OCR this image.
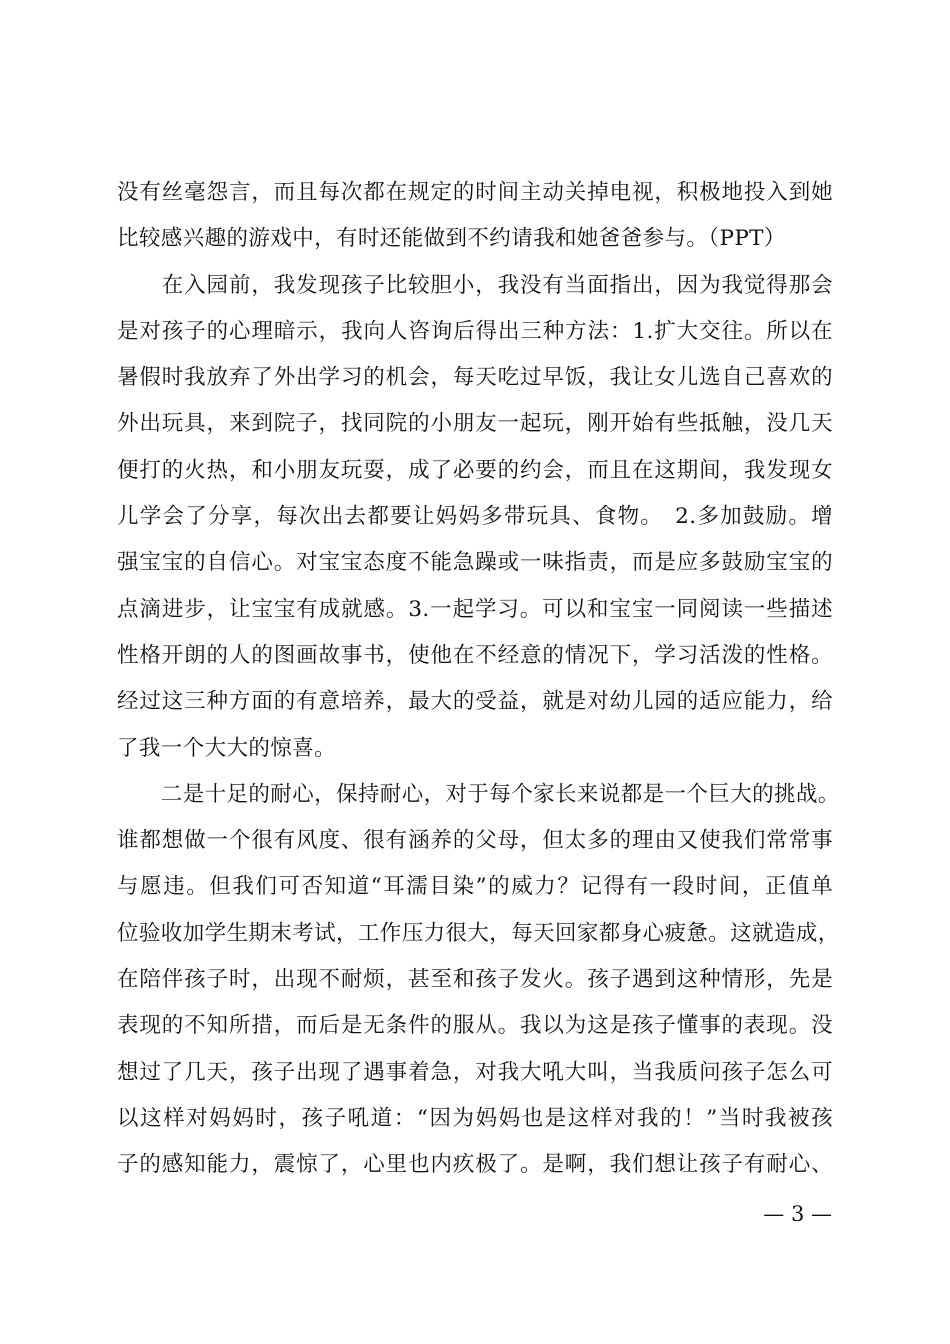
没有丝毫怨言，而且每次都在规定的时间主动关掉电视，积极地投入到她
比较感兴趣的游戏中，有时还能做到不约请我和她爸爸参与。（PPT）
　　在入园前，我发现孩子比较胆小，我没有当面指出，因为我觉得那会
是对孩子的心理暗示，我向人咨询后得出三种方法：1.扩大交往。所以在
暑假时我放弃了外出学习的机会，每天吃过早饭，我让女儿选自己喜欢的
外出玩具，来到院子，找同院的小朋友一起玩，刚开始有些抵触，没几天
便打的火热，和小朋友玩耍，成了必要的约会，而且在这期间，我发现女
儿学会了分享，每次出去都要让妈妈多带玩具、食物。　2.多加鼓励。增
强宝宝的自信心。对宝宝态度不能急躁或一味指责，而是应多鼓励宝宝的
点滴进步，让宝宝有成就感。3.一起学习。可以和宝宝一同阅读一些描述
性格开朗的人的图画故事书，使他在不经意的情况下，学习活泼的性格。
经过这三种方面的有意培养，最大的受益，就是对幼儿园的适应能力，给
了我一个大大的惊喜。
　　二是十足的耐心，保持耐心，对于每个家长来说都是一个巨大的挑战。
谁都想做一个很有风度、很有涵养的父母，但太多的理由又使我们常常事
与愿违。但我们可否知道“耳濡目染”的威力？记得有一段时间，正值单
位验收加学生期末考试，工作压力很大，每天回家都身心疲惫。这就造成，
在陪伴孩子时，出现不耐烦，甚至和孩子发火。孩子遇到这种情形，先是
表现的不知所措，而后是无条件的服从。我以为这是孩子懂事的表现。没
想过了几天，孩子出现了遇事着急，对我大吼大叫，当我质问孩子怎么可
以这样对妈妈时，孩子吼道：“因为妈妈也是这样对我的！”当时我被孩
子的感知能力，震惊了，心里也内疚极了。是啊，我们想让孩子有耐心、
— 3 —
